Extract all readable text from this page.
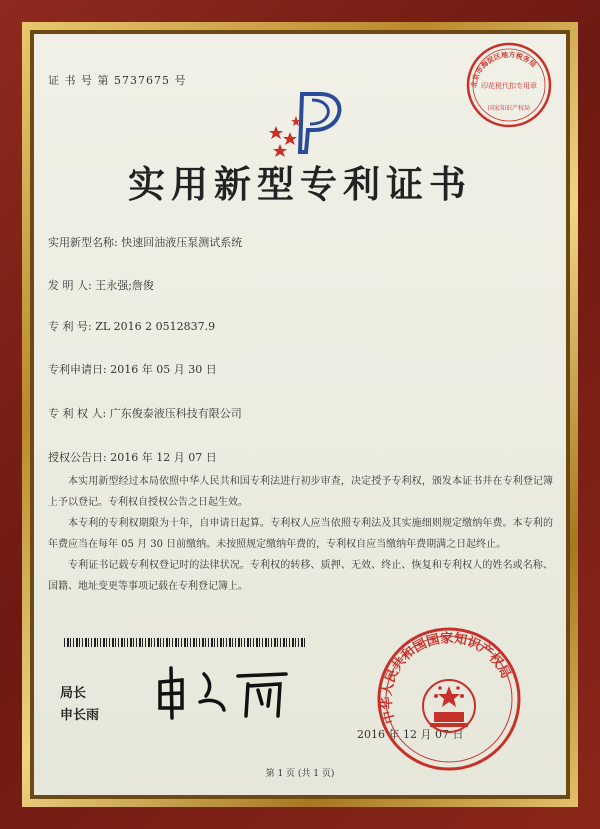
证 书 号 第 5737675 号	北京市海淀区地方税务局
印花税代扣专用章
国家知识产权局
实用新型专利证书
实用新型名称: 快速回油液压泵测试系统
发 明 人: 王永强;詹俊
专 利 号: ZL 2016 2 0512837.9
专利申请日: 2016 年 05 月 30 日
专 利 权 人: 广东俊泰液压科技有限公司
授权公告日: 2016 年 12 月 07 日

本实用新型经过本局依照中华人民共和国专利法进行初步审查，决定授予专利权，颁发本证书并在专利登记簿上予以登记。专利权自授权公告之日起生效。

本专利的专利权期限为十年，自申请日起算。专利权人应当依照专利法及其实施细则规定缴纳年费。本专利的年费应当在每年 05 月 30 日前缴纳。未按照规定缴纳年费的，专利权自应当缴纳年费期满之日起终止。

专利证书记载专利权登记时的法律状况。专利权的转移、质押、无效、终止、恢复和专利权人的姓名或名称、国籍、地址变更等事项记载在专利登记簿上。

局长
申长雨
2016 年 12 月 07 日
中华人民共和国国家知识产权局
第 1 页 (共 1 页)
